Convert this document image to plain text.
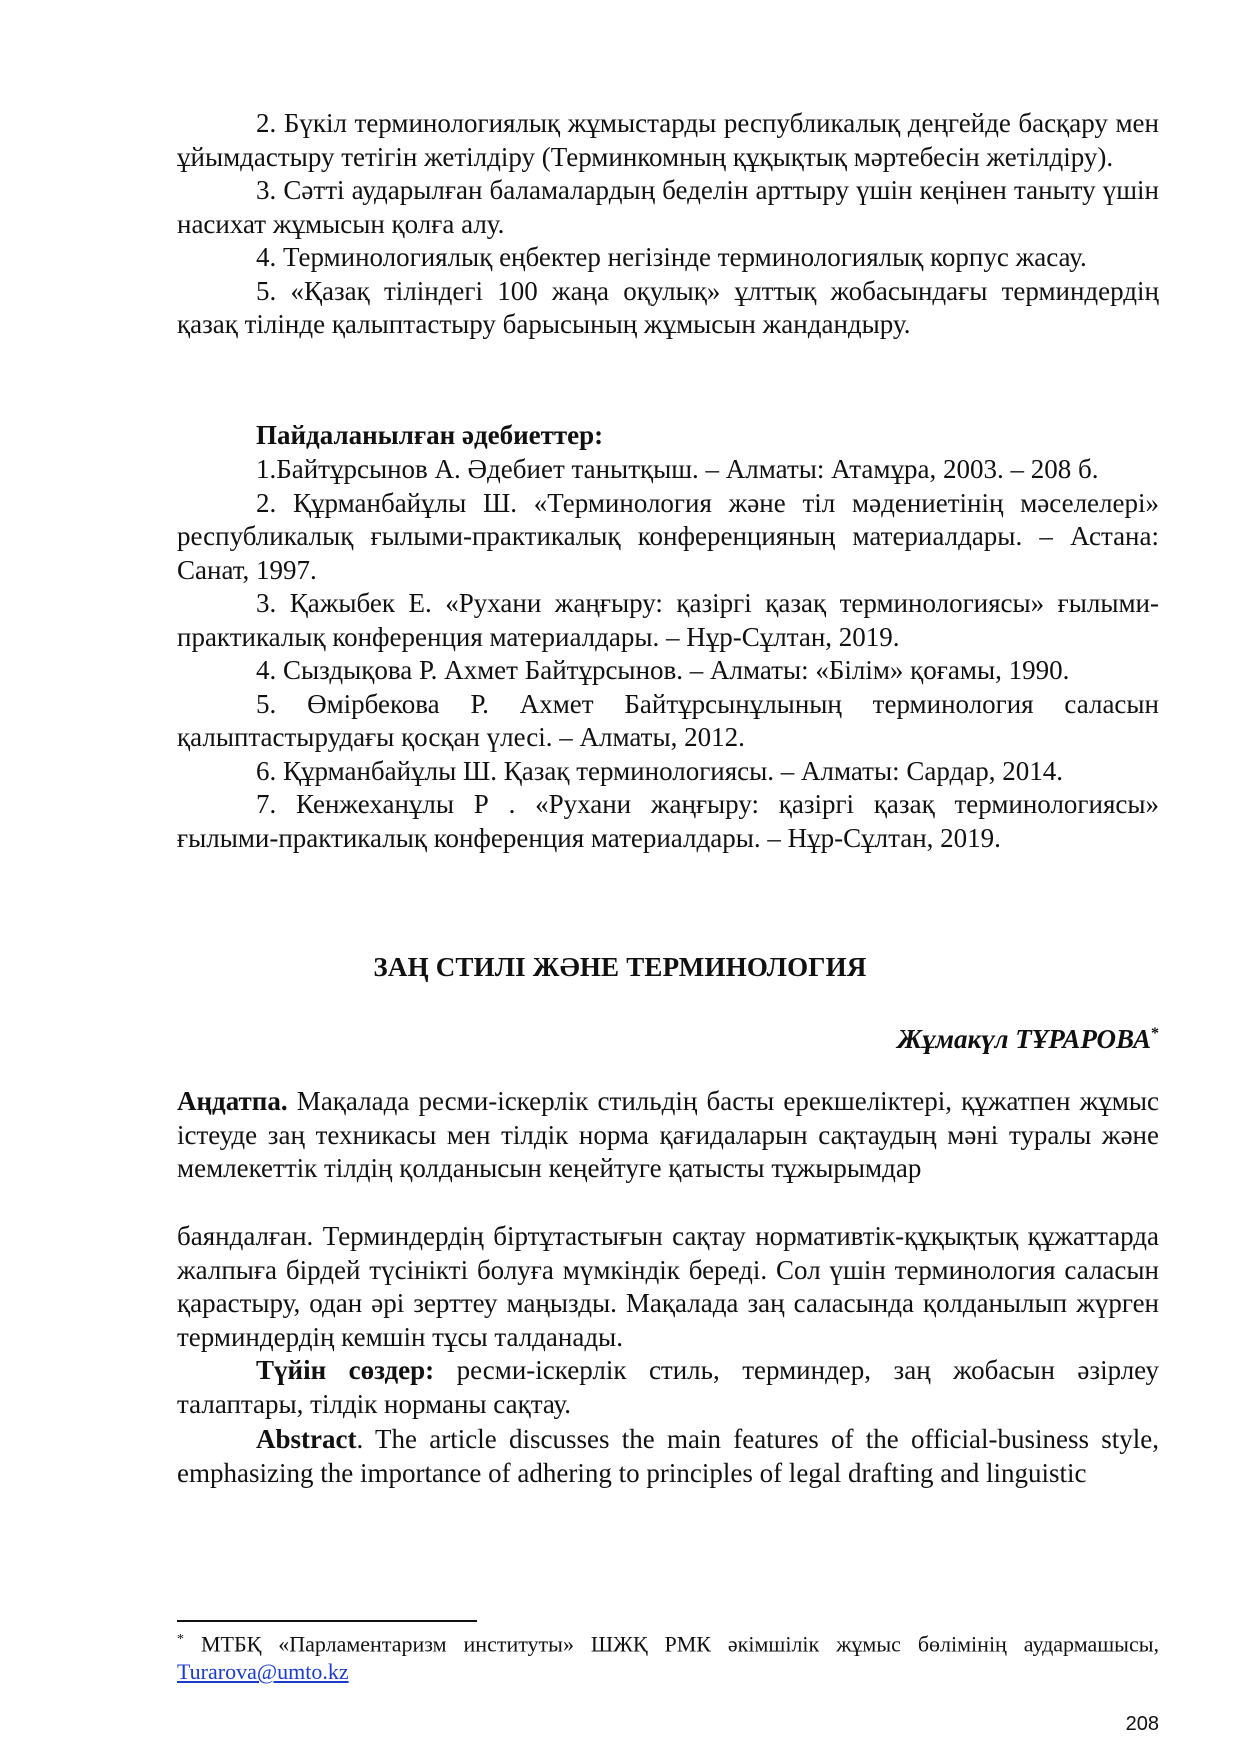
2. Бүкіл терминологиялық жұмыстарды республикалық деңгейде басқару мен ұйымдастыру тетігін жетілдіру (Терминкомның құқықтық мәртебесін жетілдіру).

3. Сәтті аударылған баламалардың беделін арттыру үшін кеңінен таныту үшін насихат жұмысын қолға алу.

4. Терминологиялық еңбектер негізінде терминологиялық корпус жасау.

5. «Қазақ тіліндегі 100 жаңа оқулық» ұлттық жобасындағы терминдердің қазақ тілінде қалыптастыру барысының жұмысын жандандыру.

Пайдаланылған әдебиеттер:

1.Байтұрсынов А. Әдебиет танытқыш. – Алматы: Атамұра, 2003. – 208 б.

2. Құрманбайұлы Ш. «Терминология және тіл мәдениетінің мәселелері» республикалық ғылыми-практикалық конференцияның материалдары. – Астана: Санат, 1997.

3. Қажыбек Е. «Рухани жаңғыру: қазіргі қазақ терминологиясы» ғылыми-практикалық конференция материалдары. – Нұр-Сұлтан, 2019.

4. Сыздықова Р. Ахмет Байтұрсынов. – Алматы: «Білім» қоғамы, 1990.

5. Өмірбекова Р. Ахмет Байтұрсынұлының терминология саласын қалыптастырудағы қосқан үлесі. – Алматы, 2012.

6. Құрманбайұлы Ш. Қазақ терминологиясы. – Алматы: Сардар, 2014.

7. Кенжеханұлы Р . «Рухани жаңғыру: қазіргі қазақ терминологиясы» ғылыми-практикалық конференция материалдары. – Нұр-Сұлтан, 2019.

ЗАҢ СТИЛІ ЖӘНЕ ТЕРМИНОЛОГИЯ
Жұмакүл ТҰРАРОВА*

Аңдатпа. Мақалада ресми-іскерлік стильдің басты ерекшеліктері, құжатпен жұмыс істеуде заң техникасы мен тілдік норма қағидаларын сақтаудың мәні туралы және мемлекеттік тілдің қолданысын кеңейтуге қатысты тұжырымдар

баяндалған. Терминдердің біртұтастығын сақтау нормативтік-құқықтық құжаттарда жалпыға бірдей түсінікті болуға мүмкіндік береді. Сол үшін терминология саласын қарастыру, одан әрі зерттеу маңызды. Мақалада заң саласында қолданылып жүрген терминдердің кемшін тұсы талданады.

Түйін сөздер: ресми-іскерлік стиль, терминдер, заң жобасын әзірлеу талаптары, тілдік норманы сақтау.

Abstract. The article discusses the main features of the official-business style, emphasizing the importance of adhering to principles of legal drafting and linguistic

* МТБҚ «Парламентаризм институты» ШЖҚ РМК әкімшілік жұмыс бөлімінің аудармашысы, Turarova@umto.kz
208
